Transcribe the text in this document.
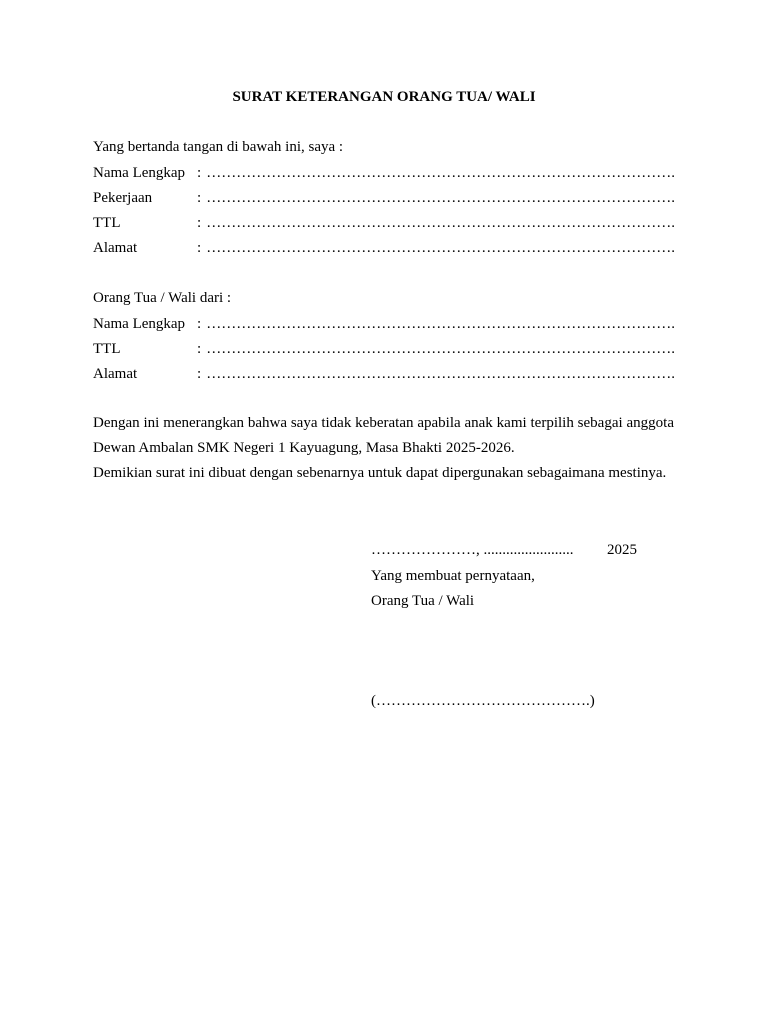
SURAT KETERANGAN ORANG TUA/ WALI
Yang bertanda tangan di bawah ini, saya :
Nama Lengkap : ………………………………………………………………………………….
Pekerjaan	: ………………………………………………………………………………….
TTL	: ………………………………………………………………………………….
Alamat	: ………………………………………………………………………………….
Orang Tua / Wali dari :
Nama Lengkap : ………………………………………………………………………………….
TTL	: ………………………………………………………………………………….
Alamat	: ………………………………………………………………………………….
Dengan ini menerangkan bahwa saya tidak keberatan apabila anak kami terpilih sebagai anggota Dewan Ambalan SMK Negeri 1 Kayuagung, Masa Bhakti 2025-2026.
Demikian surat ini dibuat dengan sebenarnya untuk dapat dipergunakan sebagaimana mestinya.
…………………, ........................ 2025
Yang membuat pernyataan,
Orang Tua / Wali
(…………………………………….)
